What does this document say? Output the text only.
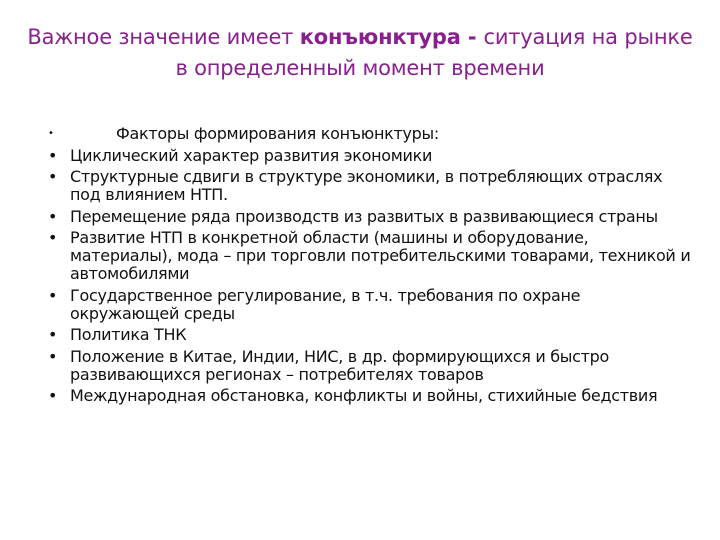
Важное значение имеет конъюнктура - ситуация на рынке в определенный момент времени
•	Факторы формирования конъюнктуры:
• Циклический характер развития экономики
• Структурные сдвиги в структуре экономики, в потребляющих отраслях под влиянием НТП.
• Перемещение ряда производств из развитых в развивающиеся страны
• Развитие НТП в конкретной области (машины и оборудование, материалы), мода – при торговли потребительскими товарами, техникой и автомобилями
• Государственное регулирование, в т.ч. требования по охране окружающей среды
• Политика ТНК
• Положение в Китае, Индии, НИС, в др. формирующихся и быстро развивающихся регионах – потребителях товаров
• Международная обстановка, конфликты и войны, стихийные бедствия
